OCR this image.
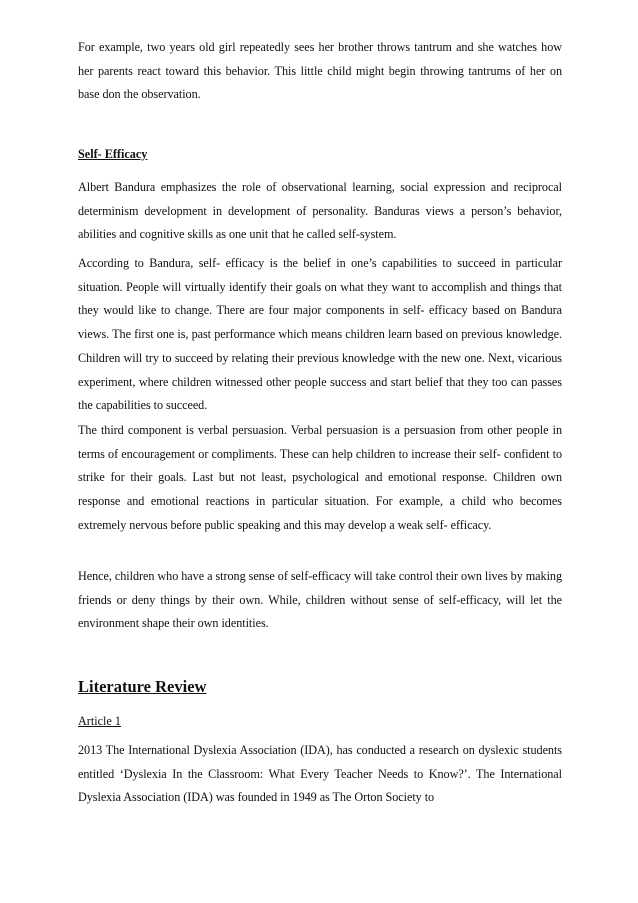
For example, two years old girl repeatedly sees her brother throws tantrum and she watches how her parents react toward this behavior. This little child might begin throwing tantrums of her on base don the observation.

Self- Efficacy

Albert Bandura emphasizes the role of observational learning, social expression and reciprocal determinism development in development of personality. Banduras views a person’s behavior, abilities and cognitive skills as one unit that he called self-system.

According to Bandura, self- efficacy is the belief in one’s capabilities to succeed in particular situation. People will virtually identify their goals on what they want to accomplish and things that they would like to change. There are four major components in self- efficacy based on Bandura views. The first one is, past performance which means children learn based on previous knowledge. Children will try to succeed by relating their previous knowledge with the new one. Next, vicarious experiment, where children witnessed other people success and start belief that they too can passes the capabilities to succeed.

The third component is verbal persuasion. Verbal persuasion is a persuasion from other people in terms of encouragement or compliments. These can help children to increase their self- confident to strike for their goals. Last but not least, psychological and emotional response. Children own response and emotional reactions in particular situation. For example, a child who becomes extremely nervous before public speaking and this may develop a weak self- efficacy.

Hence, children who have a strong sense of self-efficacy will take control their own lives by making friends or deny things by their own. While, children without sense of self-efficacy, will let the environment shape their own identities.

Literature Review

Article 1

2013 The International Dyslexia Association (IDA), has conducted a research on dyslexic students entitled ‘Dyslexia In the Classroom: What Every Teacher Needs to Know?’. The International Dyslexia Association (IDA) was founded in 1949 as The Orton Society to
